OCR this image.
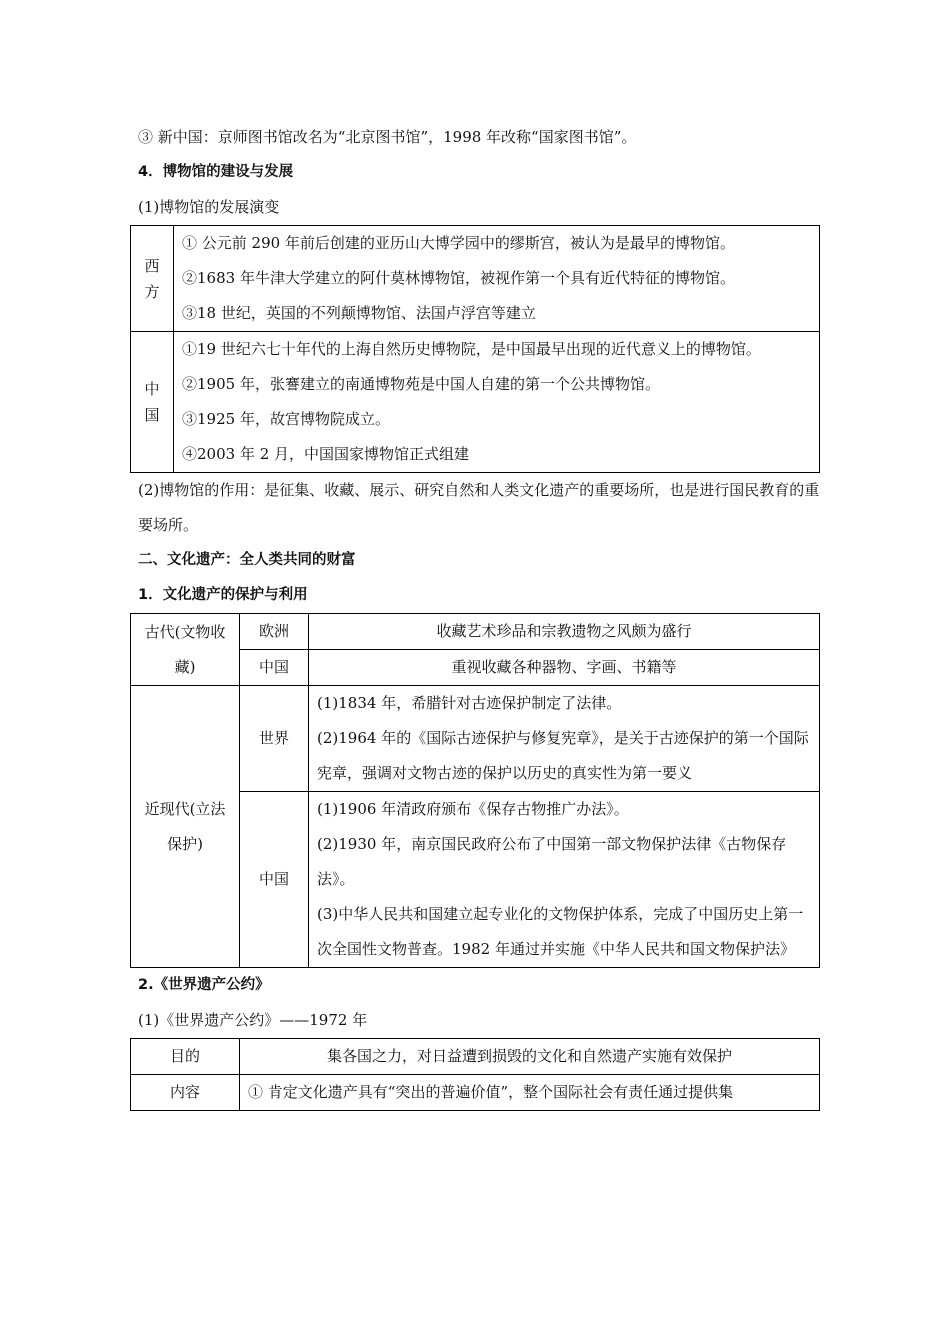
③ 新中国：京师图书馆改名为“北京图书馆”，1998 年改称“国家图书馆”。

4．博物馆的建设与发展

(1)博物馆的发展演变

西方	① 公元前 290 年前后创建的亚历山大博学园中的缪斯宫，被认为是最早的博物馆。
②1683 年牛津大学建立的阿什莫林博物馆，被视作第一个具有近代特征的博物馆。
③18 世纪，英国的不列颠博物馆、法国卢浮宫等建立

中国	①19 世纪六七十年代的上海自然历史博物院，是中国最早出现的近代意义上的博物馆。
②1905 年，张謇建立的南通博物苑是中国人自建的第一个公共博物馆。
③1925 年，故宫博物院成立。
④2003 年 2 月，中国国家博物馆正式组建

(2)博物馆的作用：是征集、收藏、展示、研究自然和人类文化遗产的重要场所，也是进行国民教育的重要场所。

二、文化遗产：全人类共同的财富

1．文化遗产的保护与利用

古代(文物收藏)	欧洲	收藏艺术珍品和宗教遗物之风颇为盛行
	中国	重视收藏各种器物、字画、书籍等
近现代(立法保护)	世界	(1)1834 年，希腊针对古迹保护制定了法律。
(2)1964 年的《国际古迹保护与修复宪章》，是关于古迹保护的第一个国际宪章，强调对文物古迹的保护以历史的真实性为第一要义

	中国	(1)1906 年清政府颁布《保存古物推广办法》。
(2)1930 年，南京国民政府公布了中国第一部文物保护法律《古物保存法》。
(3)中华人民共和国建立起专业化的文物保护体系，完成了中国历史上第一次全国性文物普查。1982 年通过并实施《中华人民共和国文物保护法》

2.《世界遗产公约》

(1)《世界遗产公约》——1972 年

目的	集各国之力，对日益遭到损毁的文化和自然遗产实施有效保护
内容	① 肯定文化遗产具有“突出的普遍价值”，整个国际社会有责任通过提供集
